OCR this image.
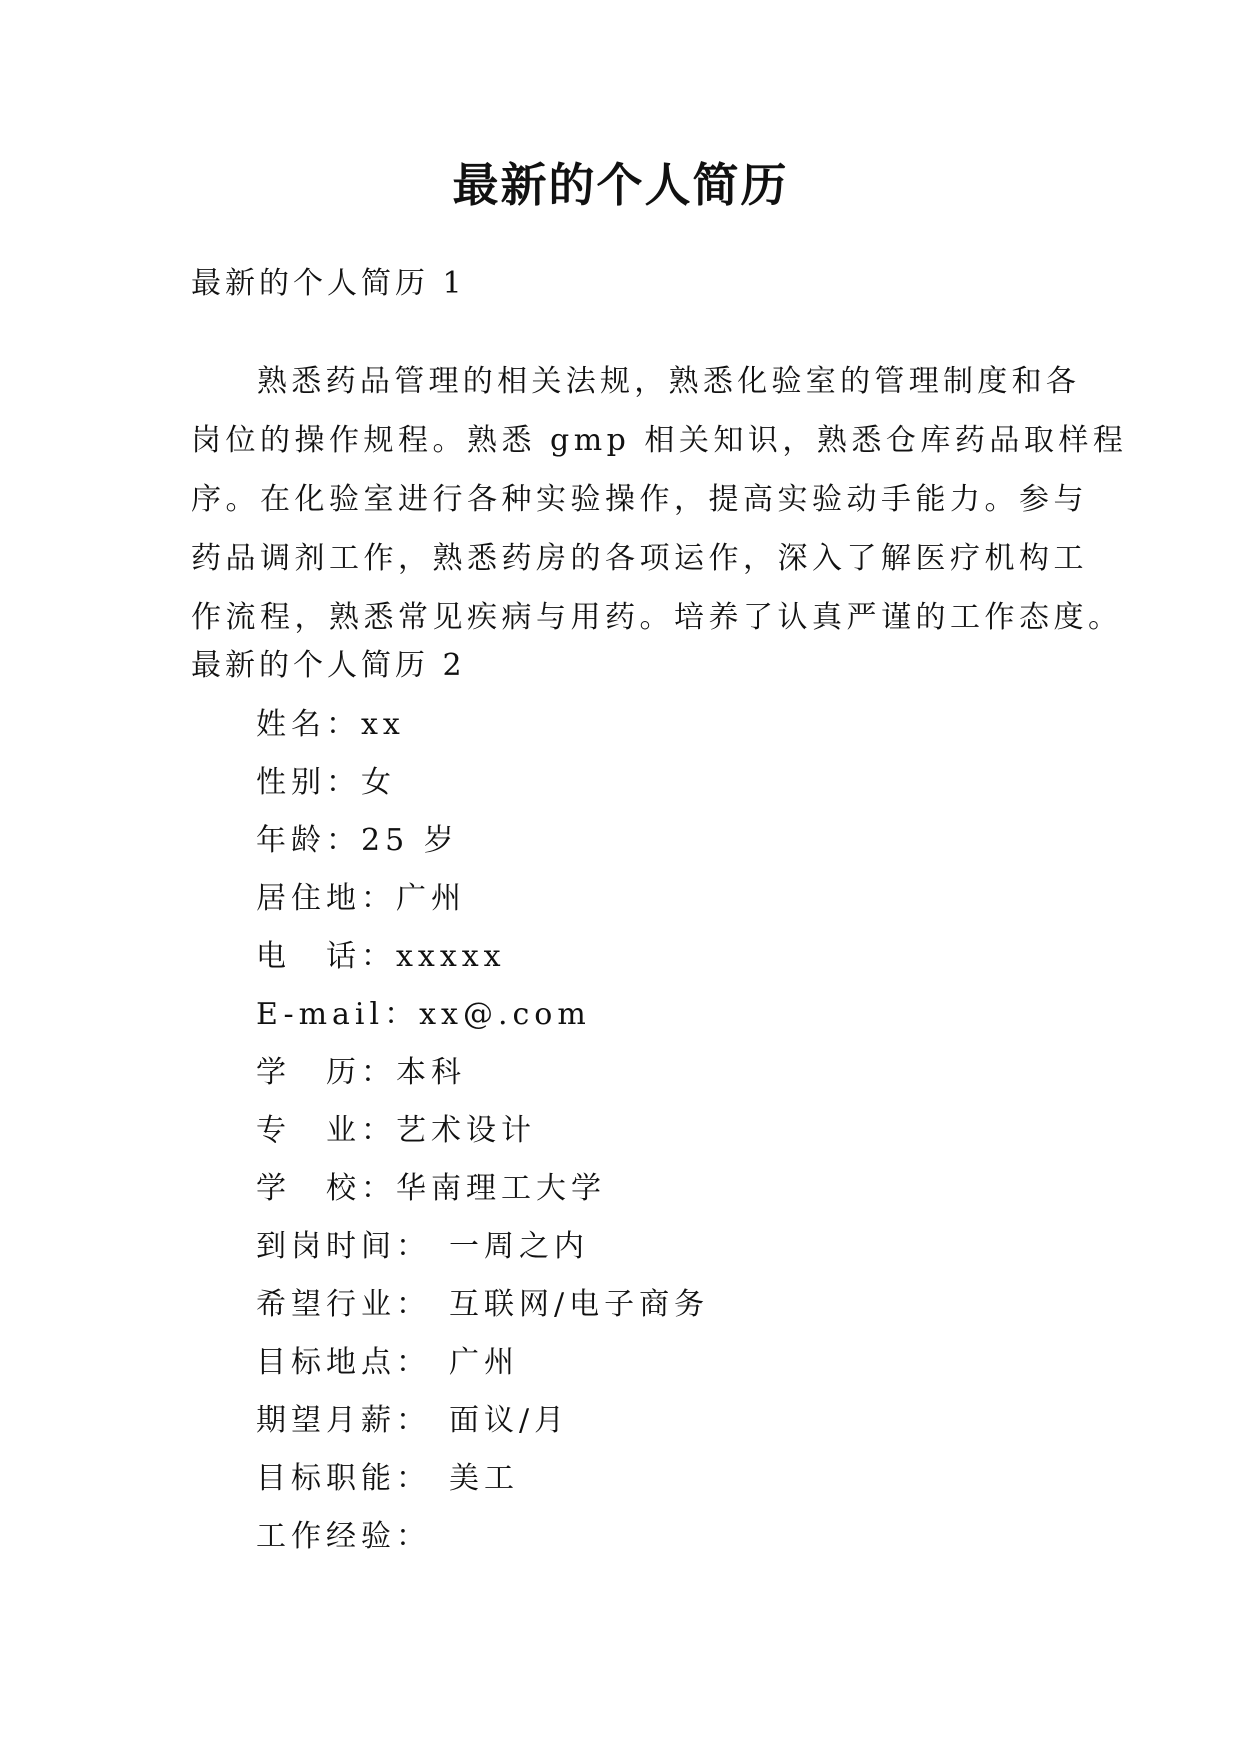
最新的个人简历
最新的个人简历 1
熟悉药品管理的相关法规，熟悉化验室的管理制度和各
岗位的操作规程。熟悉 gmp 相关知识，熟悉仓库药品取样程
序。在化验室进行各种实验操作，提高实验动手能力。参与
药品调剂工作，熟悉药房的各项运作，深入了解医疗机构工
作流程，熟悉常见疾病与用药。培养了认真严谨的工作态度。
最新的个人简历 2
姓名：xx
性别：女
年龄：25 岁
居住地：广州
电　话：xxxxx
E-mail：xx@.com
学　历：本科
专　业：艺术设计
学　校：华南理工大学
到岗时间： 一周之内
希望行业： 互联网/电子商务
目标地点： 广州
期望月薪： 面议/月
目标职能： 美工
工作经验：
